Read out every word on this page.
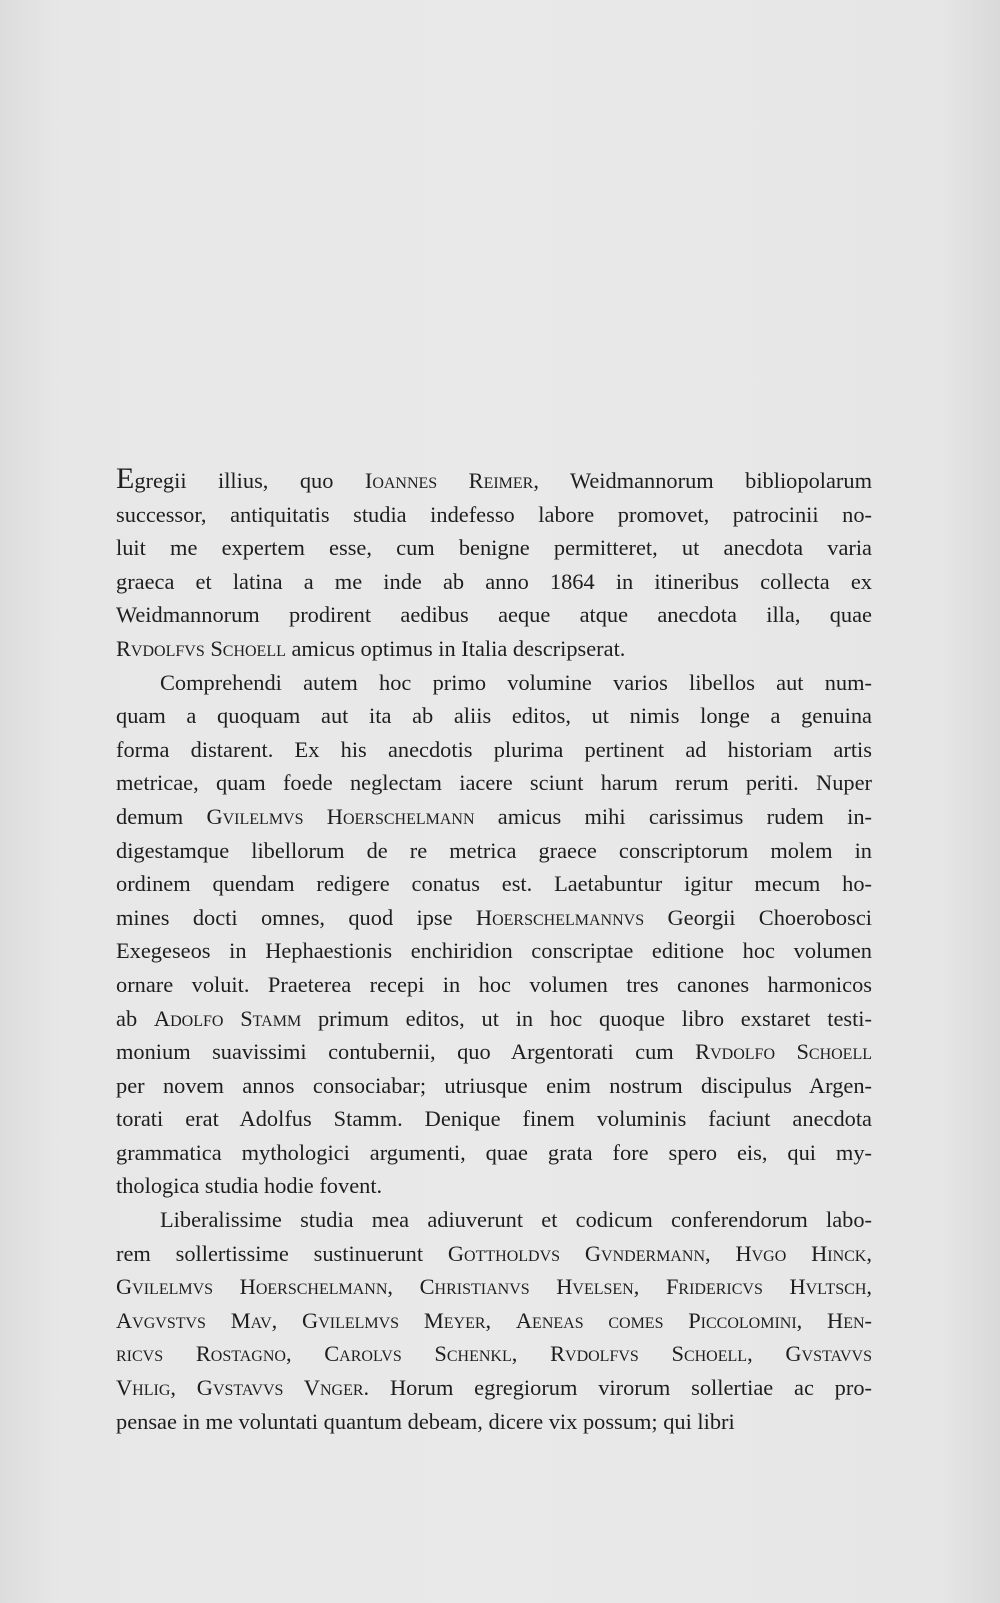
Egregii illius, quo Ioannes Reimer, Weidmannorum bibliopolarum
successor, antiquitatis studia indefesso labore promovet, patrocinii no-
luit me expertem esse, cum benigne permitteret, ut anecdota varia
graeca et latina a me inde ab anno 1864 in itineribus collecta ex
Weidmannorum prodirent aedibus aeque atque anecdota illa, quae
Rvdolfvs Schoell amicus optimus in Italia descripserat.
Comprehendi autem hoc primo volumine varios libellos aut num-
quam a quoquam aut ita ab aliis editos, ut nimis longe a genuina
forma distarent. Ex his anecdotis plurima pertinent ad historiam artis
metricae, quam foede neglectam iacere sciunt harum rerum periti. Nuper
demum Gvilelmvs Hoerschelmann amicus mihi carissimus rudem in-
digestamque libellorum de re metrica graece conscriptorum molem in
ordinem quendam redigere conatus est. Laetabuntur igitur mecum ho-
mines docti omnes, quod ipse Hoerschelmannvs Georgii Choerobosci
Exegeseos in Hephaestionis enchiridion conscriptae editione hoc volumen
ornare voluit. Praeterea recepi in hoc volumen tres canones harmonicos
ab Adolfo Stamm primum editos, ut in hoc quoque libro exstaret testi-
monium suavissimi contubernii, quo Argentorati cum Rvdolfo Schoell
per novem annos consociabar; utriusque enim nostrum discipulus Argen-
torati erat Adolfus Stamm. Denique finem voluminis faciunt anecdota
grammatica mythologici argumenti, quae grata fore spero eis, qui my-
thologica studia hodie fovent.
Liberalissime studia mea adiuverunt et codicum conferendorum labo-
rem sollertissime sustinuerunt Gottholdvs Gvndermann, Hvgo Hinck,
Gvilelmvs Hoerschelmann, Christianvs Hvelsen, Fridericvs Hvltsch,
Avgvstvs Mav, Gvilelmvs Meyer, Aeneas comes Piccolomini, Hen-
ricvs Rostagno, Carolvs Schenkl, Rvdolfvs Schoell, Gvstavvs
Vhlig, Gvstavvs Vnger. Horum egregiorum virorum sollertiae ac pro-
pensae in me voluntati quantum debeam, dicere vix possum; qui libri
